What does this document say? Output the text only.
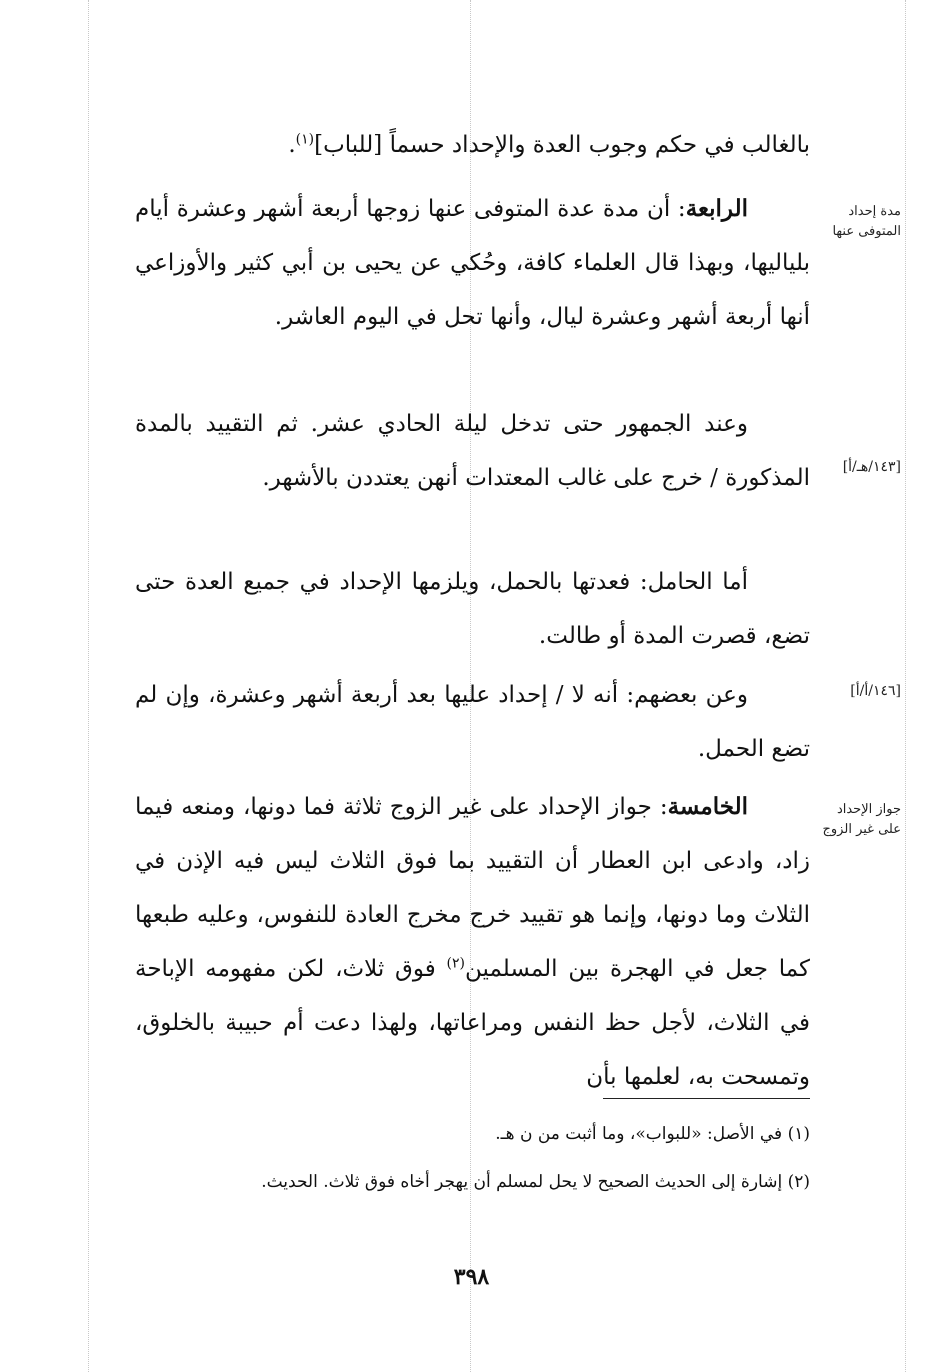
بالغالب في حكم وجوب العدة والإحداد حسماً [للباب]$^{(١)}$.

الرابعة: أن مدة عدة المتوفى عنها زوجها أربعة أشهر وعشرة أيام بلياليها، وبهذا قال العلماء كافة، وحُكي عن يحيى بن أبي كثير والأوزاعي أنها أربعة أشهر وعشرة ليال، وأنها تحل في اليوم العاشر.

وعند الجمهور حتى تدخل ليلة الحادي عشر. ثم التقييد بالمدة المذكورة / خرج على غالب المعتدات أنهن يعتددن بالأشهر.

أما الحامل: فعدتها بالحمل، ويلزمها الإحداد في جميع العدة حتى تضع، قصرت المدة أو طالت.

وعن بعضهم: أنه لا / إحداد عليها بعد أربعة أشهر وعشرة، وإن لم تضع الحمل.

الخامسة: جواز الإحداد على غير الزوج ثلاثة فما دونها، ومنعه فيما زاد، وادعى ابن العطار أن التقييد بما فوق الثلاث ليس فيه الإذن في الثلاث وما دونها، وإنما هو تقييد خرج مخرج العادة للنفوس، وعليه طبعها كما جعل في الهجرة بين المسلمين$^{(٢)}$ فوق ثلاث، لكن مفهومه الإباحة في الثلاث، لأجل حظ النفس ومراعاتها، ولهذا دعت أم حبيبة بالخلوق، وتمسحت به، لعلمها بأن

مدة إحداد المتوفى عنها
[١٤٣/هـ/أ]
[١٤٦/أ/أ]
جواز الإحداد على غير الزوج
(١) في الأصل: «للبواب»، وما أثبت من ن هـ.
(٢) إشارة إلى الحديث الصحيح لا يحل لمسلم أن يهجر أخاه فوق ثلاث. الحديث.
٣٩٨
